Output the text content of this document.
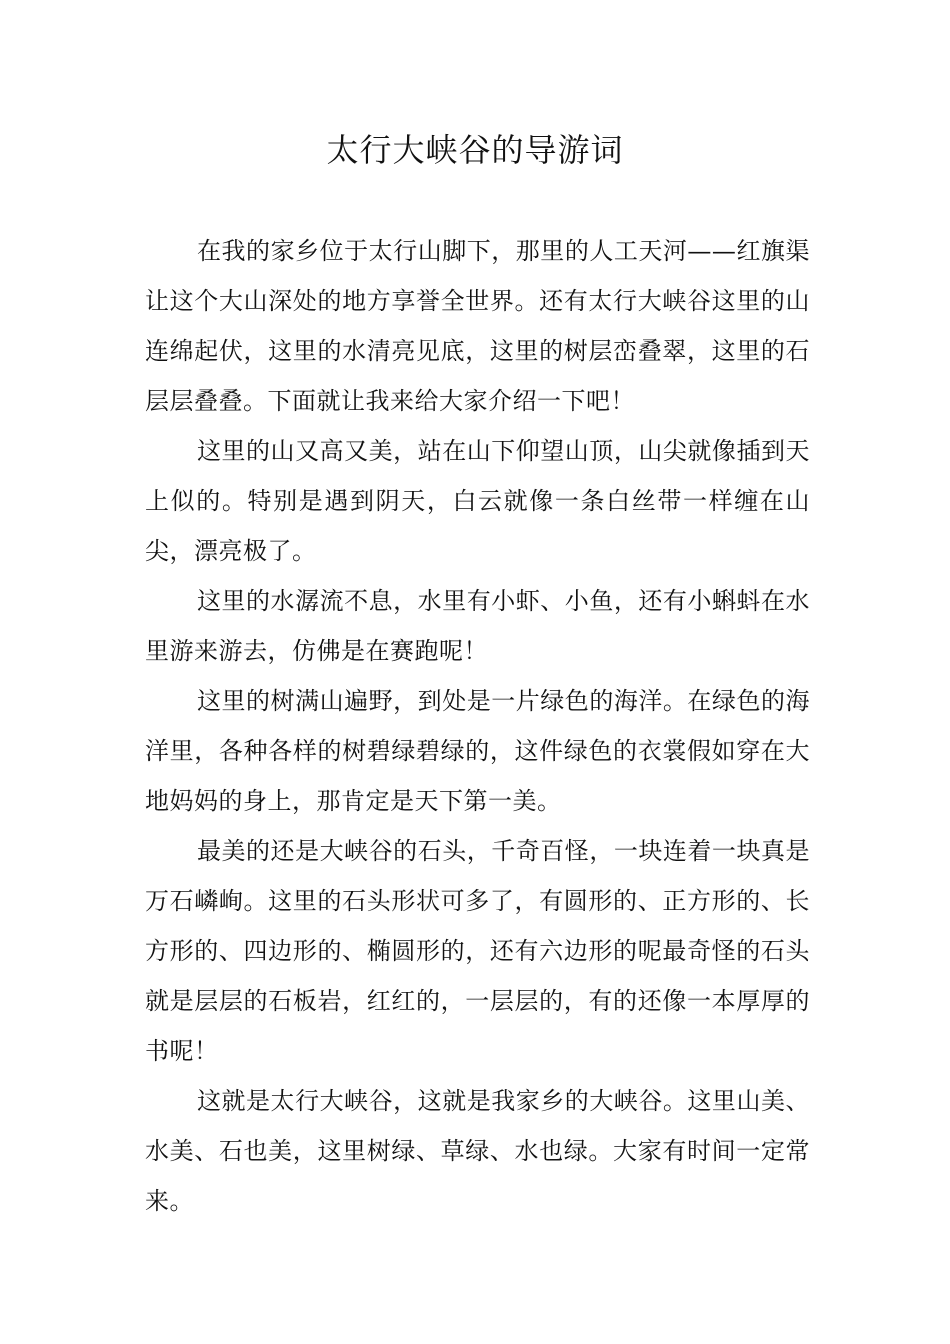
太行大峡谷的导游词

在我的家乡位于太行山脚下，那里的人工天河——红旗渠让这个大山深处的地方享誉全世界。还有太行大峡谷这里的山连绵起伏，这里的水清亮见底，这里的树层峦叠翠，这里的石层层叠叠。下面就让我来给大家介绍一下吧！

这里的山又高又美，站在山下仰望山顶，山尖就像插到天上似的。特别是遇到阴天，白云就像一条白丝带一样缠在山尖，漂亮极了。

这里的水潺流不息，水里有小虾、小鱼，还有小蝌蚪在水里游来游去，仿佛是在赛跑呢！

这里的树满山遍野，到处是一片绿色的海洋。在绿色的海洋里，各种各样的树碧绿碧绿的，这件绿色的衣裳假如穿在大地妈妈的身上，那肯定是天下第一美。

最美的还是大峡谷的石头，千奇百怪，一块连着一块真是万石嶙峋。这里的石头形状可多了，有圆形的、正方形的、长方形的、四边形的、椭圆形的，还有六边形的呢最奇怪的石头就是层层的石板岩，红红的，一层层的，有的还像一本厚厚的书呢！

这就是太行大峡谷，这就是我家乡的大峡谷。这里山美、水美、石也美，这里树绿、草绿、水也绿。大家有时间一定常来。
